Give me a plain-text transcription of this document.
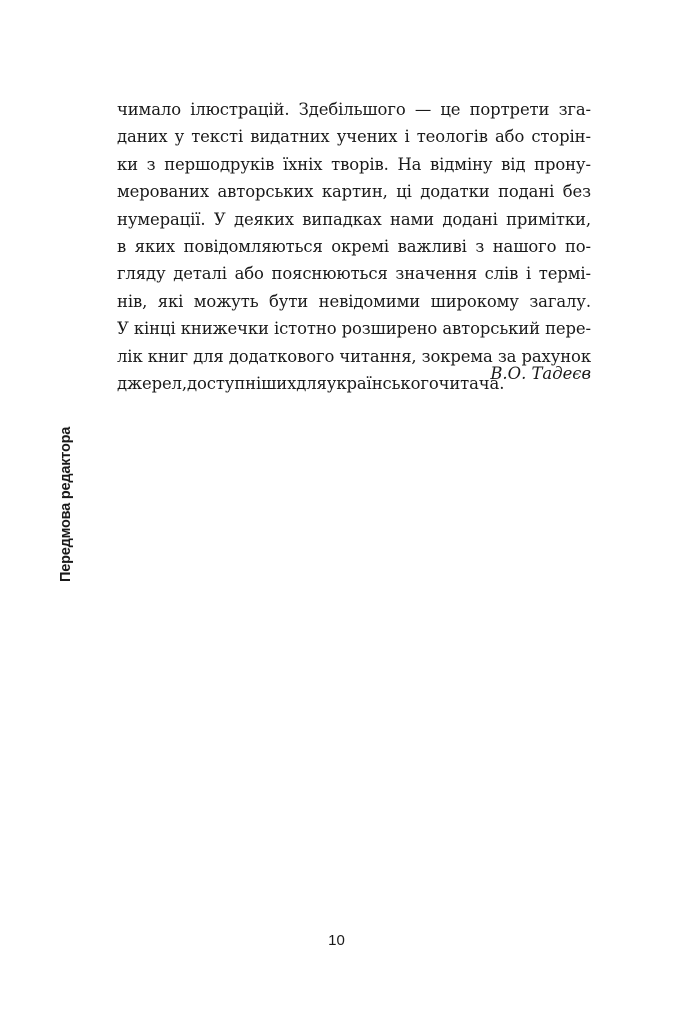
Передмова редактора
чимало ілюстрацій. Здебільшого — це портрети зга-
даних у тексті видатних учених і теологів або сторін-
ки з першодруків їхніх творів. На відміну від прону-
мерованих авторських картин, ці додатки подані без
нумерації. У деяких випадках нами додані примітки,
в яких повідомляються окремі важливі з нашого по-
гляду деталі або пояснюються значення слів і термі-
нів, які можуть бути невідомими широкому загалу.
У кінці книжечки істотно розширено авторський пере-
лік книг для додаткового читання, зокрема за рахунок
джерел, доступніших для українського читача.
В.О. Тадеєв
10
